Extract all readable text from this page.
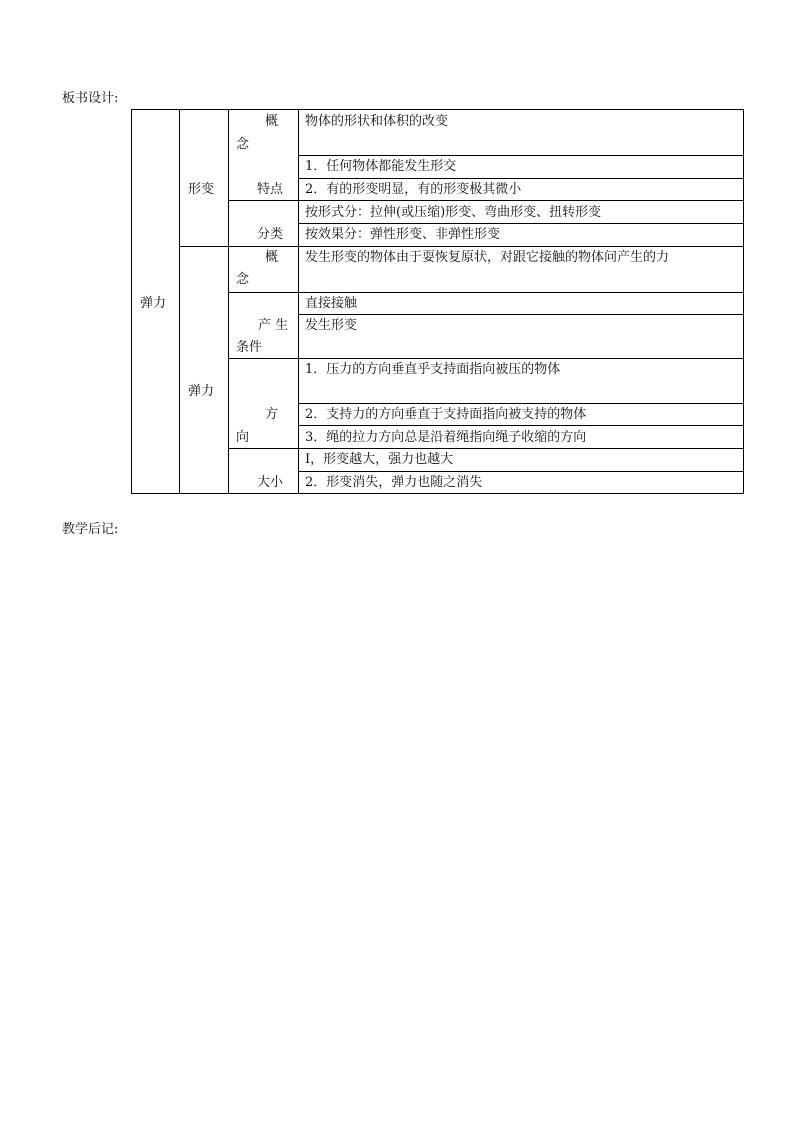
板书设计:
弹力
形变
概
念
物体的形状和体积的改变
特点
1．任何物体都能发生形交
2．有的形变明显，有的形变极其微小
分类
按形式分：拉伸(或压缩)形变、弯曲形变、扭转形变
按效果分：弹性形变、非弹性形变
弹力
概
念
发生形变的物体由于耍恢复原状，对跟它接触的物体问产生的力
产 生
条件
直接接触
发生形变
方
向
1．压力的方向垂直乎支持面指向被压的物体
2．支持力的方向垂直于支持面指向被支持的物体
3．绳的拉力方向总是沿着绳指向绳子收缩的方向
大小
I，形变越大，强力也越大
2．形变消失，弹力也随之消失
教学后记:
